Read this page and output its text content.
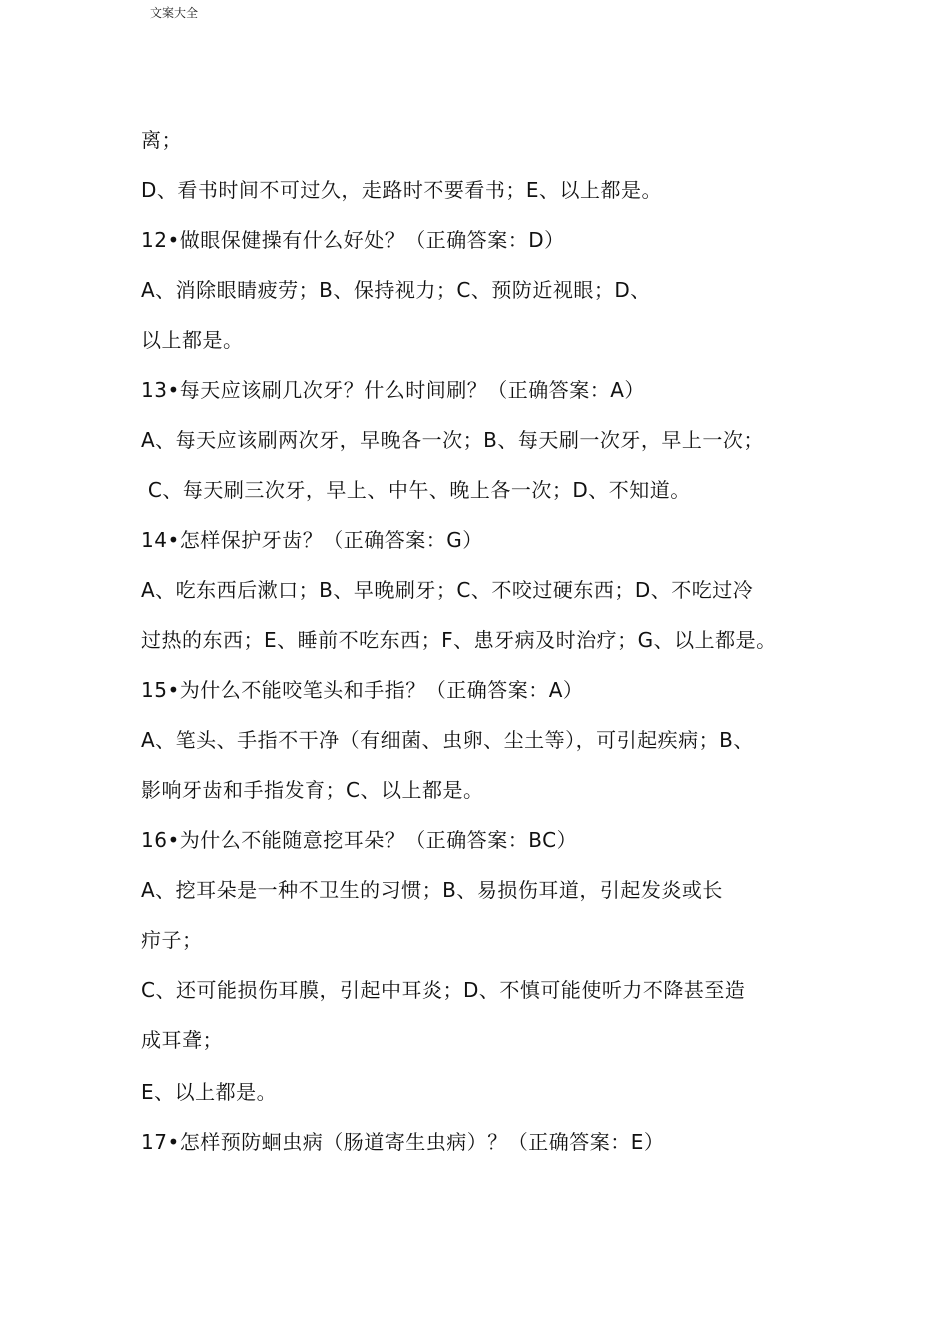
文案大全
离；
D、看书时间不可过久，走路时不要看书；E、以上都是。
12•做眼保健操有什么好处？（正确答案：D）
A、消除眼睛疲劳；B、保持视力；C、预防近视眼；D、
以上都是。
13•每天应该刷几次牙？什么时间刷？（正确答案：A）
A、每天应该刷两次牙，早晚各一次；B、每天刷一次牙，早上一次；
C、每天刷三次牙，早上、中午、晚上各一次；D、不知道。
14•怎样保护牙齿？（正确答案：G）
A、吃东西后漱口；B、早晚刷牙；C、不咬过硬东西；D、不吃过冷
过热的东西；E、睡前不吃东西；F、患牙病及时治疗；G、以上都是。
15•为什么不能咬笔头和手指？（正确答案：A）
A、笔头、手指不干净（有细菌、虫卵、尘土等），可引起疾病；B、
影响牙齿和手指发育；C、以上都是。
16•为什么不能随意挖耳朵？（正确答案：BC）
A、挖耳朵是一种不卫生的习惯；B、易损伤耳道，引起发炎或长
疖子；
C、还可能损伤耳膜，引起中耳炎；D、不慎可能使听力不降甚至造
成耳聋；
E、以上都是。
17•怎样预防蛔虫病（肠道寄生虫病）？（正确答案：E）
